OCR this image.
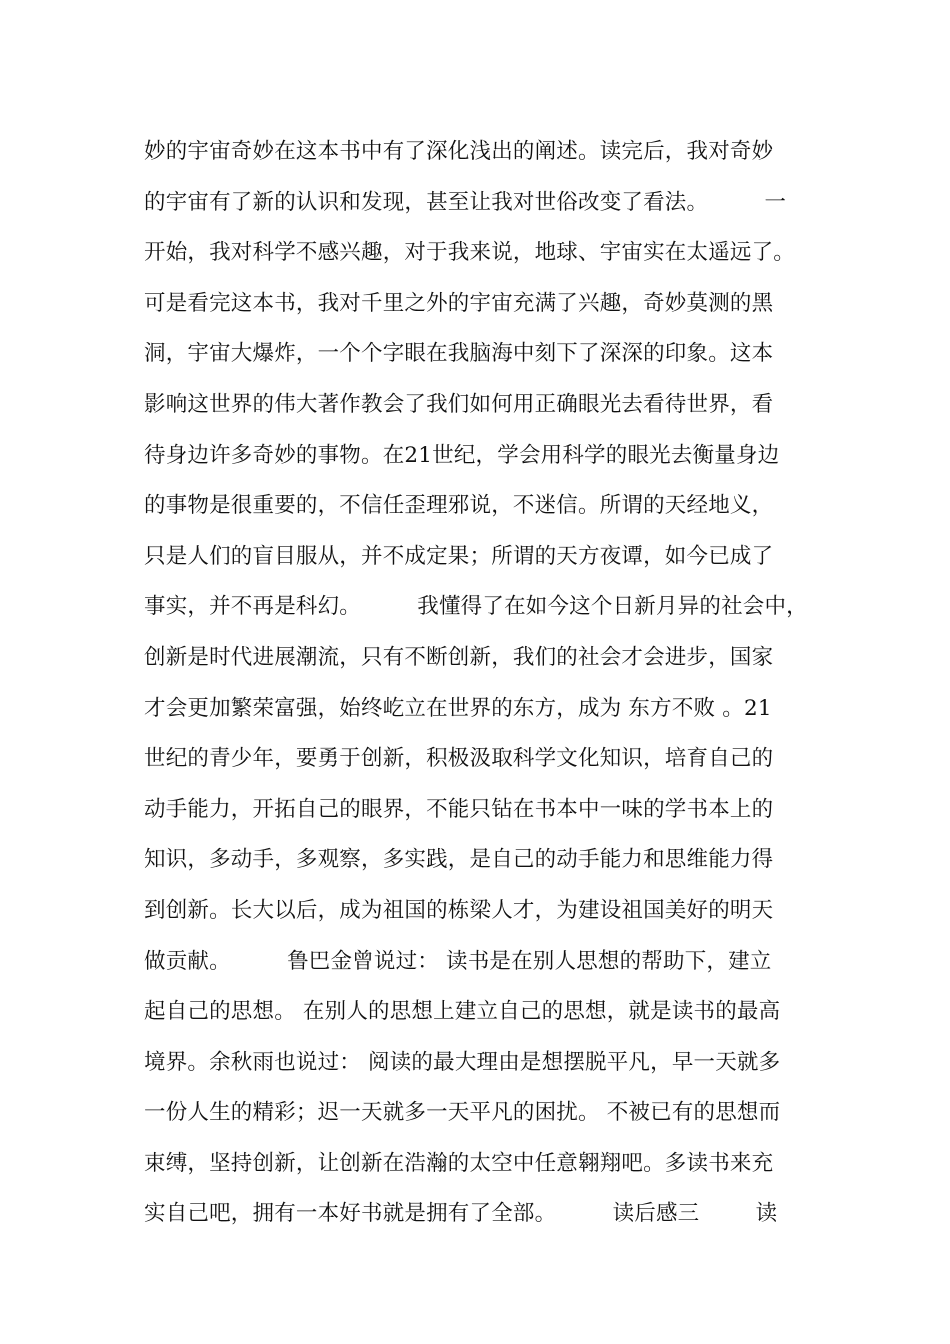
妙的宇宙奇妙在这本书中有了深化浅出的阐述。读完后，我对奇妙
的宇宙有了新的认识和发现，甚至让我对世俗改变了看法。        一
开始，我对科学不感兴趣，对于我来说，地球、宇宙实在太遥远了。
可是看完这本书，我对千里之外的宇宙充满了兴趣，奇妙莫测的黑
洞，宇宙大爆炸，一个个字眼在我脑海中刻下了深深的印象。这本
影响这世界的伟大著作教会了我们如何用正确眼光去看待世界，看
待身边许多奇妙的事物。在21世纪，学会用科学的眼光去衡量身边
的事物是很重要的，不信任歪理邪说，不迷信。所谓的天经地义，
只是人们的盲目服从，并不成定果；所谓的天方夜谭，如今已成了
事实，并不再是科幻。        我懂得了在如今这个日新月异的社会中，
创新是时代进展潮流，只有不断创新，我们的社会才会进步，国家
才会更加繁荣富强，始终屹立在世界的东方，成为 东方不败 。21
世纪的青少年，要勇于创新，积极汲取科学文化知识，培育自己的
动手能力，开拓自己的眼界，不能只钻在书本中一味的学书本上的
知识，多动手，多观察，多实践，是自己的动手能力和思维能力得
到创新。长大以后，成为祖国的栋梁人才，为建设祖国美好的明天
做贡献。        鲁巴金曾说过： 读书是在别人思想的帮助下，建立
起自己的思想。 在别人的思想上建立自己的思想，就是读书的最高
境界。余秋雨也说过： 阅读的最大理由是想摆脱平凡，早一天就多
一份人生的精彩；迟一天就多一天平凡的困扰。 不被已有的思想而
束缚，坚持创新，让创新在浩瀚的太空中任意翱翔吧。多读书来充
实自己吧，拥有一本好书就是拥有了全部。        读后感三        读
